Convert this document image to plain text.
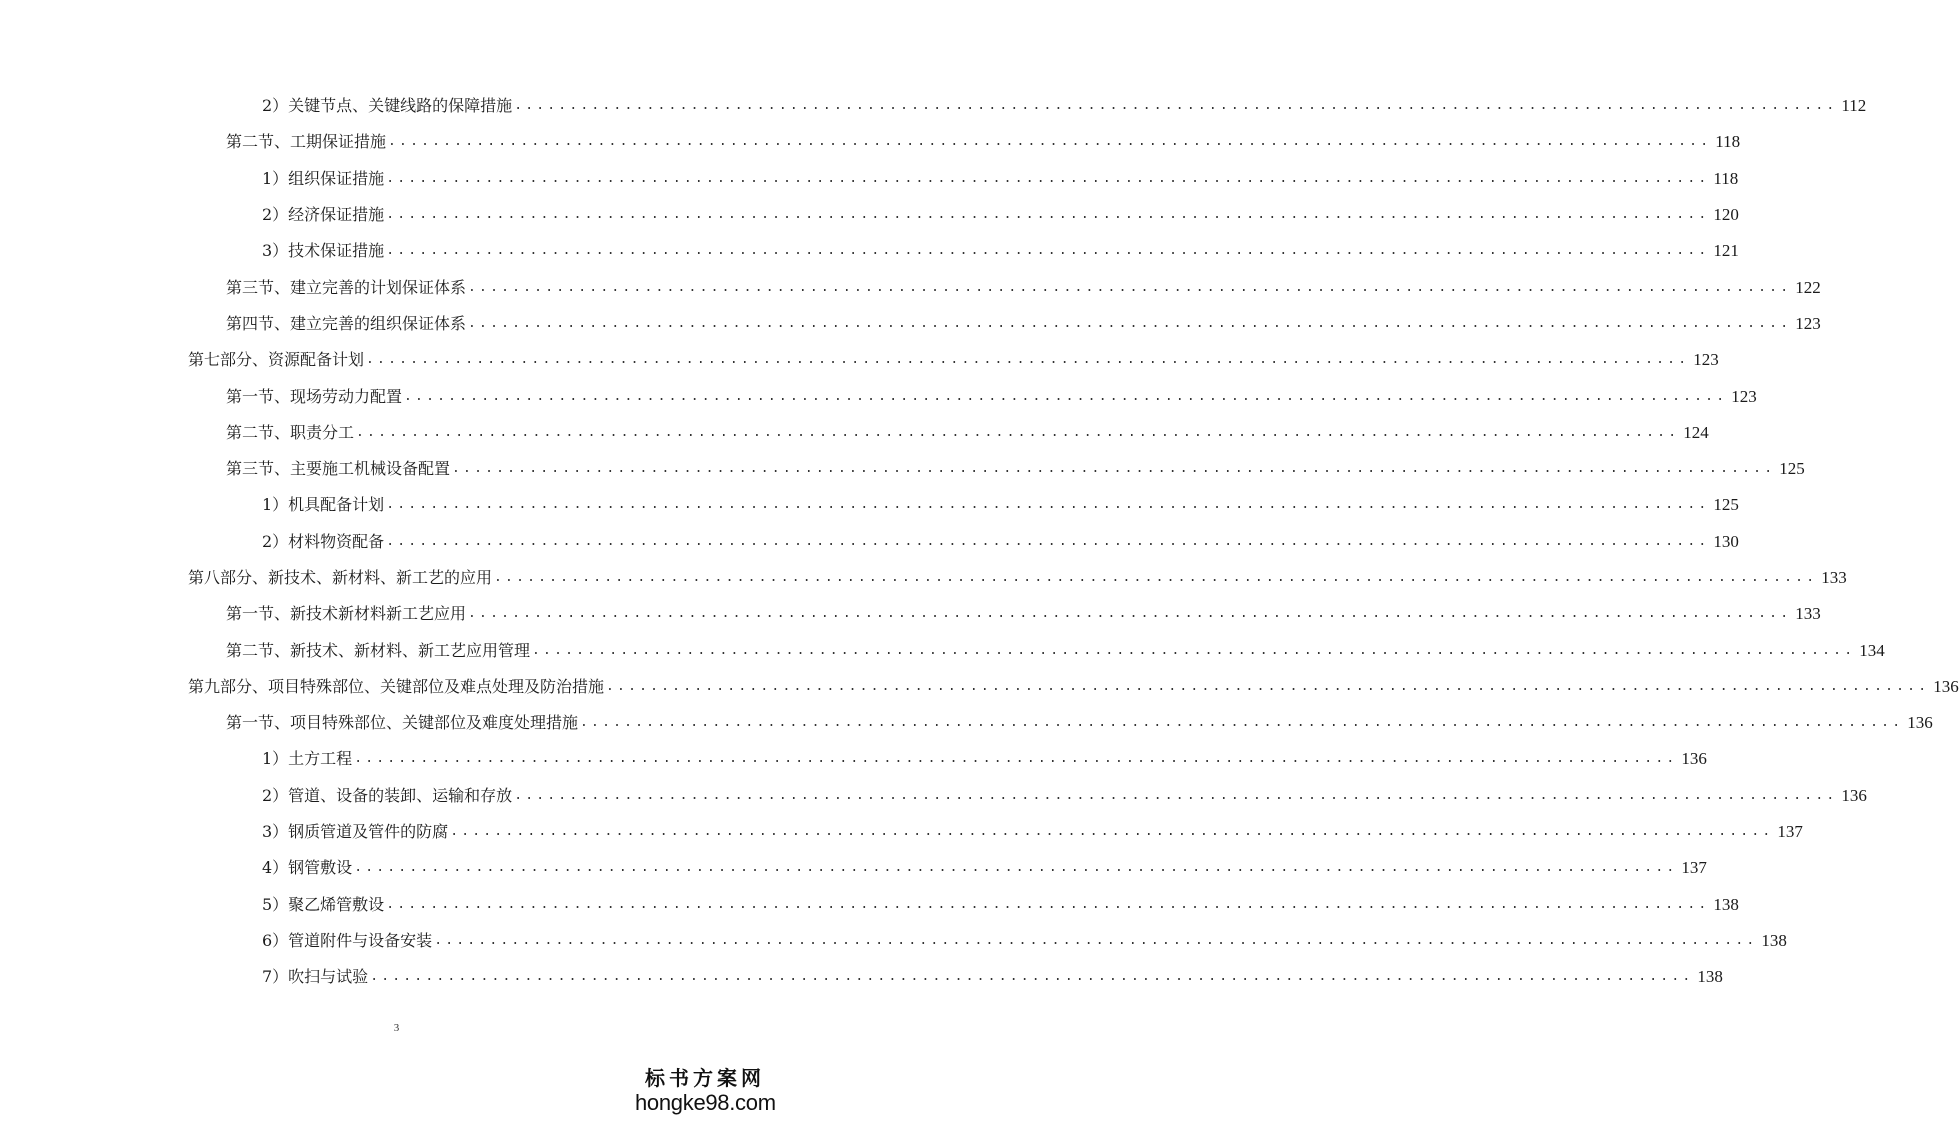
2）关键节点、关键线路的保障措施 ........................................................................................................................ 112
第二节、工期保证措施 ........................................................................................................................ 118
1）组织保证措施 ........................................................................................................................ 118
2）经济保证措施 ........................................................................................................................ 120
3）技术保证措施 ........................................................................................................................ 121
第三节、建立完善的计划保证体系 ........................................................................................................................ 122
第四节、建立完善的组织保证体系 ........................................................................................................................ 123
第七部分、资源配备计划 ........................................................................................................................ 123
第一节、现场劳动力配置 ........................................................................................................................ 123
第二节、职责分工 ........................................................................................................................ 124
第三节、主要施工机械设备配置 ........................................................................................................................ 125
1）机具配备计划 ........................................................................................................................ 125
2）材料物资配备 ........................................................................................................................ 130
第八部分、新技术、新材料、新工艺的应用 ........................................................................................................................ 133
第一节、新技术新材料新工艺应用 ........................................................................................................................ 133
第二节、新技术、新材料、新工艺应用管理 ........................................................................................................................ 134
第九部分、项目特殊部位、关键部位及难点处理及防治措施 ........................................................................................................................ 136
第一节、项目特殊部位、关键部位及难度处理措施 ........................................................................................................................ 136
1）土方工程 ........................................................................................................................ 136
2）管道、设备的装卸、运输和存放 ........................................................................................................................ 136
3）钢质管道及管件的防腐 ........................................................................................................................ 137
4）钢管敷设 ........................................................................................................................ 137
5）聚乙烯管敷设 ........................................................................................................................ 138
6）管道附件与设备安装 ........................................................................................................................ 138
7）吹扫与试验 ........................................................................................................................ 138
3
标书方案网
hongke98.com
